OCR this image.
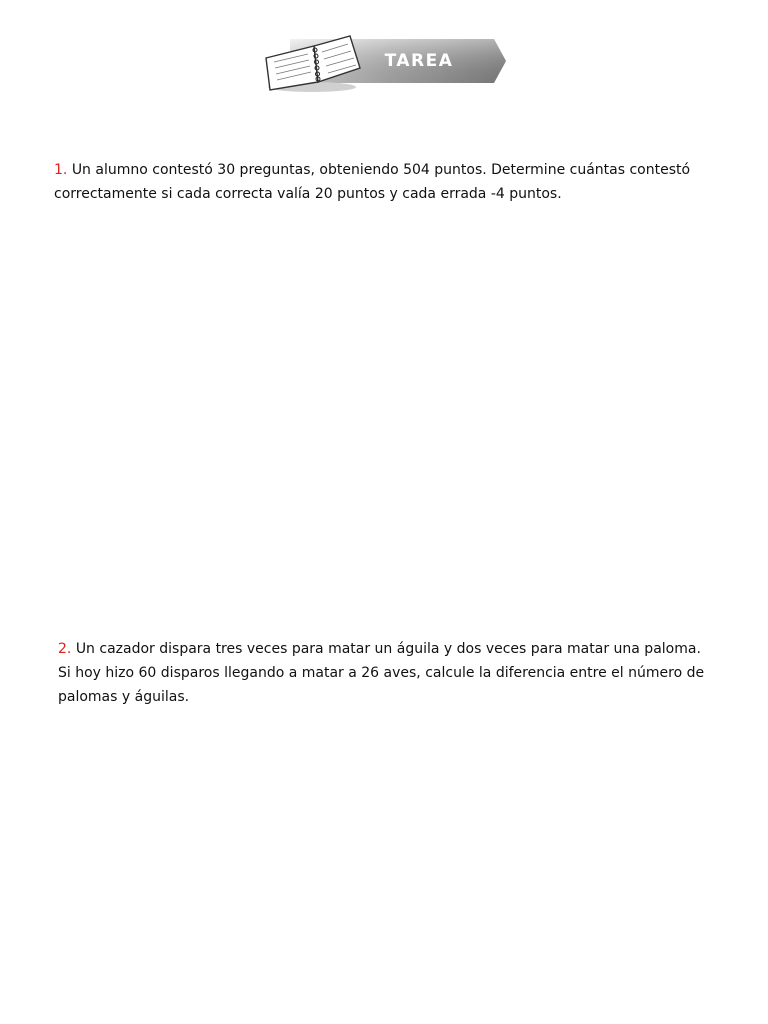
TAREA

1. Un alumno contestó 30 preguntas, obteniendo 504 puntos. Determine cuántas contestó correctamente si cada correcta valía 20 puntos y cada errada -4 puntos.

2. Un cazador dispara tres veces para matar un águila y dos veces para matar una paloma. Si hoy hizo 60 disparos llegando a matar a 26 aves, calcule la diferencia entre el número de palomas y águilas.
